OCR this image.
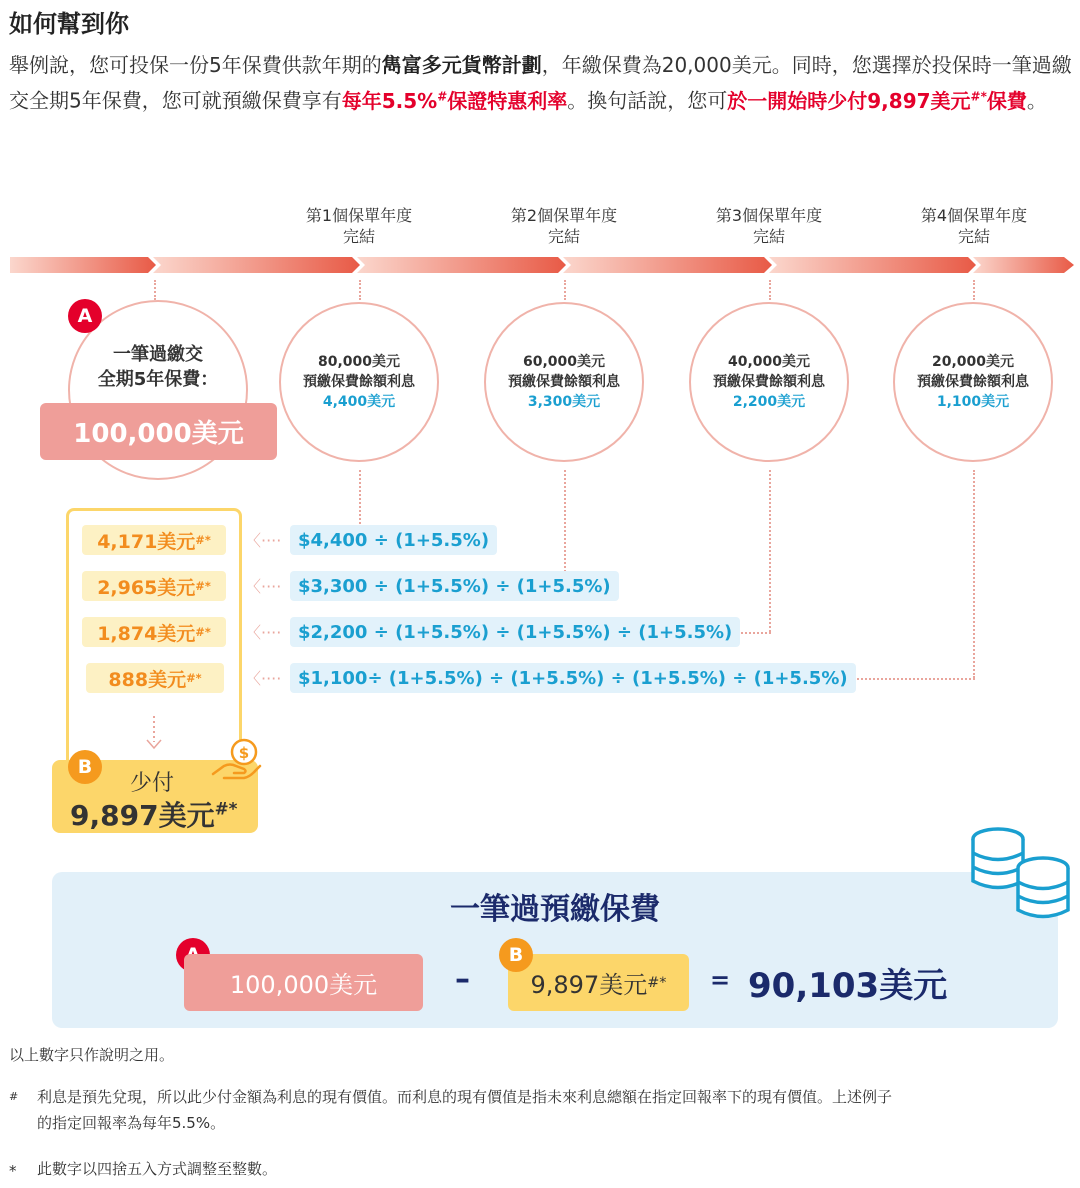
如何幫到你

舉例說，您可投保一份5年保費供款年期的雋富多元貨幣計劃，年繳保費為20,000美元。同時，您選擇於投保時一筆過繳交全期5年保費，您可就預繳保費享有每年5.5%#保證特惠利率。換句話說，您可於一開始時少付9,897美元#*保費。

第1個保單年度
完結
第2個保單年度
完結
第3個保單年度
完結
第4個保單年度
完結
A
一筆過繳交
全期5年保費：
100,000美元
80,000美元
預繳保費餘額利息
4,400美元
60,000美元
預繳保費餘額利息
3,300美元
40,000美元
預繳保費餘額利息
2,200美元
20,000美元
預繳保費餘額利息
1,100美元
4,171美元 #*
2,965美元 #*
1,874美元 #*
888美元 #*
〈····
〈····
〈····
〈····
$4,400 ÷ (1+5.5%)
$3,300 ÷ (1+5.5%) ÷ (1+5.5%)
$2,200 ÷ (1+5.5%) ÷ (1+5.5%) ÷ (1+5.5%)
$1,100÷ (1+5.5%) ÷ (1+5.5%) ÷ (1+5.5%) ÷ (1+5.5%)
B
少付
9,897美元#*
$
一筆過預繳保費
100,000美元	–	9,897美元 #*
B
= 90,103美元
以上數字只作說明之用。
# 利息是預先兌現，所以此少付金額為利息的現有價值。而利息的現有價值是指未來利息總額在指定回報率下的現有價值。上述例子
的指定回報率為每年5.5%。
* 此數字以四捨五入方式調整至整數。
